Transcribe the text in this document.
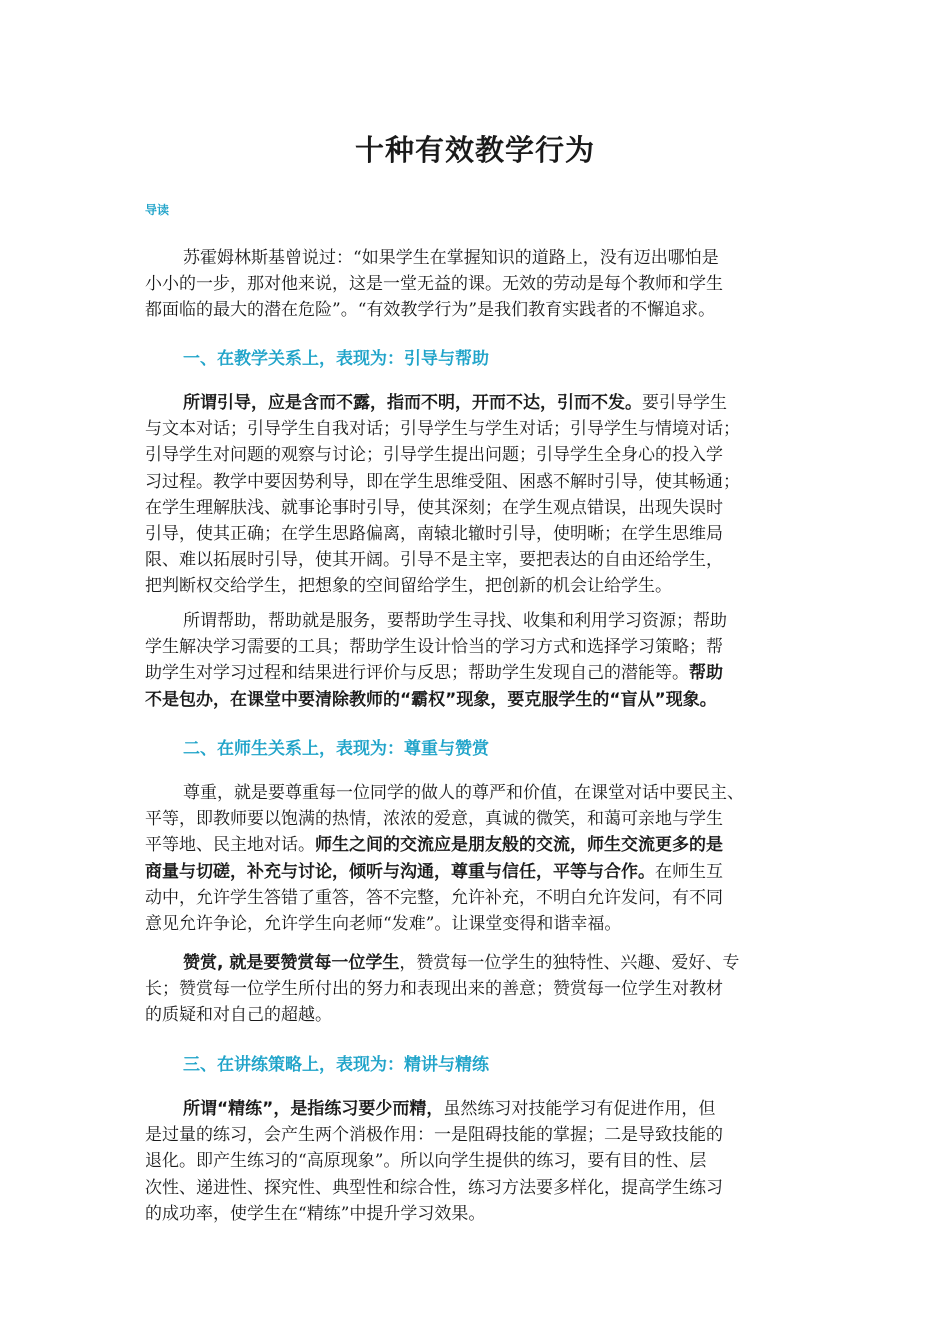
十种有效教学行为

导读

苏霍姆林斯基曾说过：“如果学生在掌握知识的道路上，没有迈出哪怕是
小小的一步，那对他来说，这是一堂无益的课。无效的劳动是每个教师和学生
都面临的最大的潜在危险”。“有效教学行为”是我们教育实践者的不懈追求。

一、在教学关系上，表现为：引导与帮助

所谓引导，应是含而不露，指而不明，开而不达，引而不发。要引导学生
与文本对话；引导学生自我对话；引导学生与学生对话；引导学生与情境对话；
引导学生对问题的观察与讨论；引导学生提出问题；引导学生全身心的投入学
习过程。教学中要因势利导，即在学生思维受阻、困惑不解时引导，使其畅通；
在学生理解肤浅、就事论事时引导，使其深刻；在学生观点错误，出现失误时
引导，使其正确；在学生思路偏离，南辕北辙时引导，使明晰；在学生思维局
限、难以拓展时引导，使其开阔。引导不是主宰，要把表达的自由还给学生，
把判断权交给学生，把想象的空间留给学生，把创新的机会让给学生。

所谓帮助，帮助就是服务，要帮助学生寻找、收集和利用学习资源；帮助
学生解决学习需要的工具；帮助学生设计恰当的学习方式和选择学习策略；帮
助学生对学习过程和结果进行评价与反思；帮助学生发现自己的潜能等。帮助
不是包办，在课堂中要清除教师的“霸权”现象，要克服学生的“盲从”现象。

二、在师生关系上，表现为：尊重与赞赏

尊重，就是要尊重每一位同学的做人的尊严和价值，在课堂对话中要民主、
平等，即教师要以饱满的热情，浓浓的爱意，真诚的微笑，和蔼可亲地与学生
平等地、民主地对话。师生之间的交流应是朋友般的交流，师生交流更多的是
商量与切磋，补充与讨论，倾听与沟通，尊重与信任，平等与合作。在师生互
动中，允许学生答错了重答，答不完整，允许补充，不明白允许发问，有不同
意见允许争论，允许学生向老师“发难”。让课堂变得和谐幸福。

赞赏, 就是要赞赏每一位学生，赞赏每一位学生的独特性、兴趣、爱好、专
长；赞赏每一位学生所付出的努力和表现出来的善意；赞赏每一位学生对教材
的质疑和对自己的超越。

三、在讲练策略上，表现为：精讲与精练

所谓“精练”，是指练习要少而精，虽然练习对技能学习有促进作用，但
是过量的练习，会产生两个消极作用：一是阻碍技能的掌握；二是导致技能的
退化。即产生练习的“高原现象”。所以向学生提供的练习，要有目的性、层
次性、递进性、探究性、典型性和综合性，练习方法要多样化，提高学生练习
的成功率，使学生在“精练”中提升学习效果。
